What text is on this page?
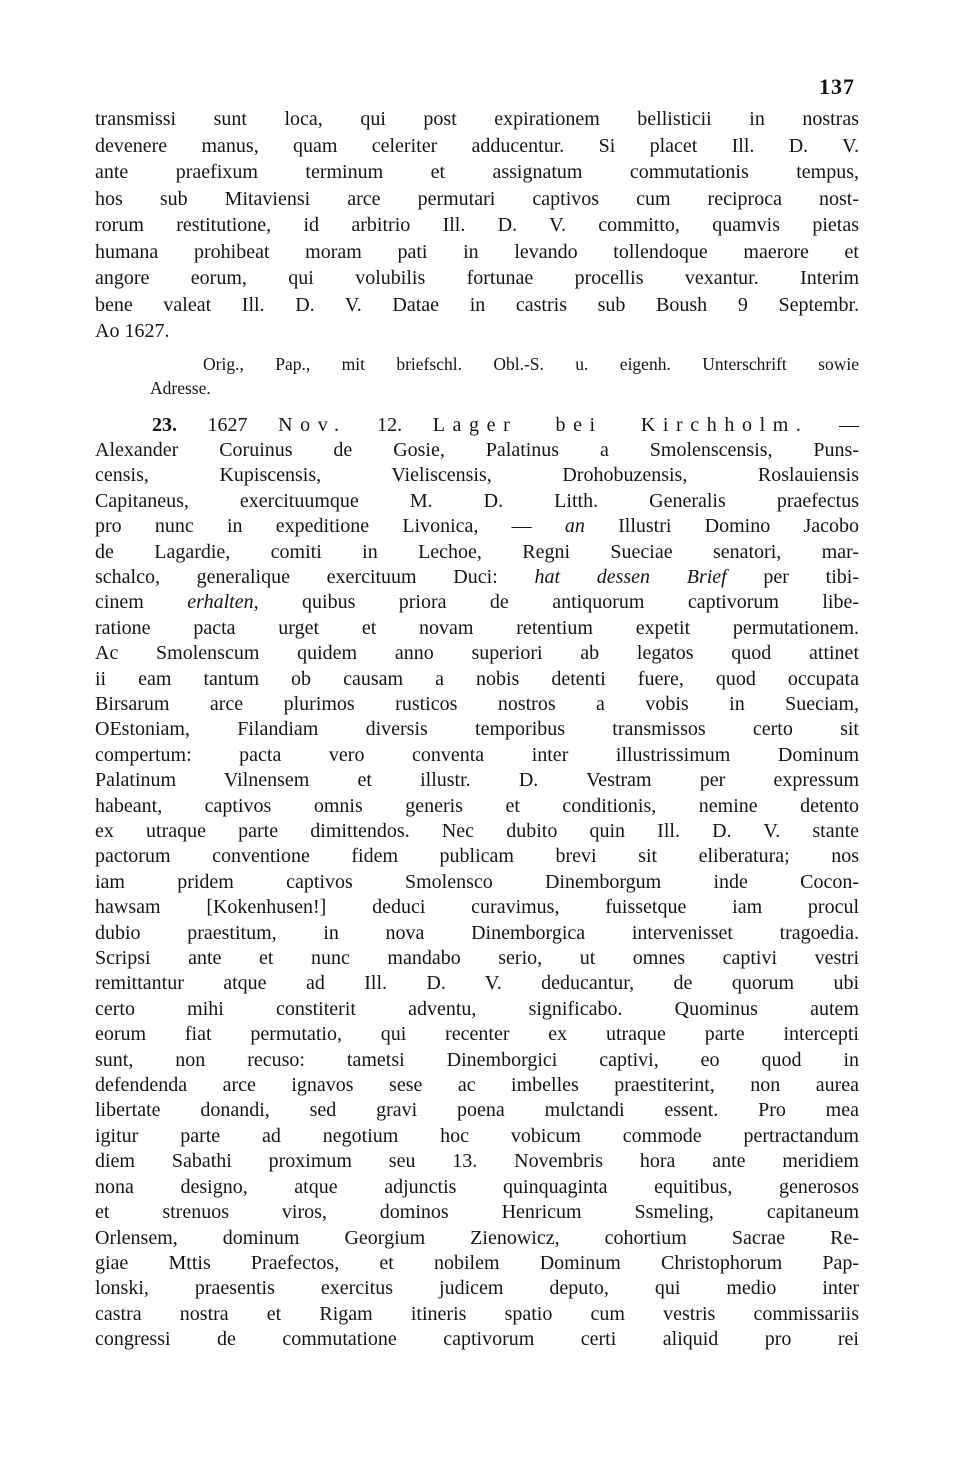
137
transmissi sunt loca, qui post expirationem bellisticii in nostras
devenere manus, quam celeriter adducentur. Si placet Ill. D. V.
ante praefixum terminum et assignatum commutationis tempus,
hos sub Mitaviensi arce permutari captivos cum reciproca nost-
rorum restitutione, id arbitrio Ill. D. V. committo, quamvis pietas
humana prohibeat moram pati in levando tollendoque maerore et
angore eorum, qui volubilis fortunae procellis vexantur. Interim
bene valeat Ill. D. V. Datae in castris sub Boush 9 Septembr.
Ao 1627.
Orig., Pap., mit briefschl. Obl.-S. u. eigenh. Unterschrift sowie
Adresse.
23. 1627 Nov. 12. Lager bei Kirchholm. —
Alexander Coruinus de Gosie, Palatinus a Smolenscensis, Puns-
censis, Kupiscensis, Vieliscensis, Drohobuzensis, Roslauiensis
Capitaneus, exercituumque M. D. Litth. Generalis praefectus
pro nunc in expeditione Livonica, — an Illustri Domino Jacobo
de Lagardie, comiti in Lechoe, Regni Sueciae senatori, mar-
schalco, generalique exercituum Duci: hat dessen Brief per tibi-
cinem erhalten, quibus priora de antiquorum captivorum libe-
ratione pacta urget et novam retentium expetit permutationem.
Ac Smolenscum quidem anno superiori ab legatos quod attinet
ii eam tantum ob causam a nobis detenti fuere, quod occupata
Birsarum arce plurimos rusticos nostros a vobis in Sueciam,
OEstoniam, Filandiam diversis temporibus transmissos certo sit
compertum: pacta vero conventa inter illustrissimum Dominum
Palatinum Vilnensem et illustr. D. Vestram per expressum
habeant, captivos omnis generis et conditionis, nemine detento
ex utraque parte dimittendos. Nec dubito quin Ill. D. V. stante
pactorum conventione fidem publicam brevi sit eliberatura; nos
iam pridem captivos Smolensco Dinemborgum inde Cocon-
hawsam [Kokenhusen!] deduci curavimus, fuissetque iam procul
dubio praestitum, in nova Dinemborgica intervenisset tragoedia.
Scripsi ante et nunc mandabo serio, ut omnes captivi vestri
remittantur atque ad Ill. D. V. deducantur, de quorum ubi
certo mihi constiterit adventu, significabo. Quominus autem
eorum fiat permutatio, qui recenter ex utraque parte intercepti
sunt, non recuso: tametsi Dinemborgici captivi, eo quod in
defendenda arce ignavos sese ac imbelles praestiterint, non aurea
libertate donandi, sed gravi poena mulctandi essent. Pro mea
igitur parte ad negotium hoc vobicum commode pertractandum
diem Sabathi proximum seu 13. Novembris hora ante meridiem
nona designo, atque adjunctis quinquaginta equitibus, generosos
et strenuos viros, dominos Henricum Ssmeling, capitaneum
Orlensem, dominum Georgium Zienowicz, cohortium Sacrae Re-
giae Mttis Praefectos, et nobilem Dominum Christophorum Pap-
lonski, praesentis exercitus judicem deputo, qui medio inter
castra nostra et Rigam itineris spatio cum vestris commissariis
congressi de commutatione captivorum certi aliquid pro rei
